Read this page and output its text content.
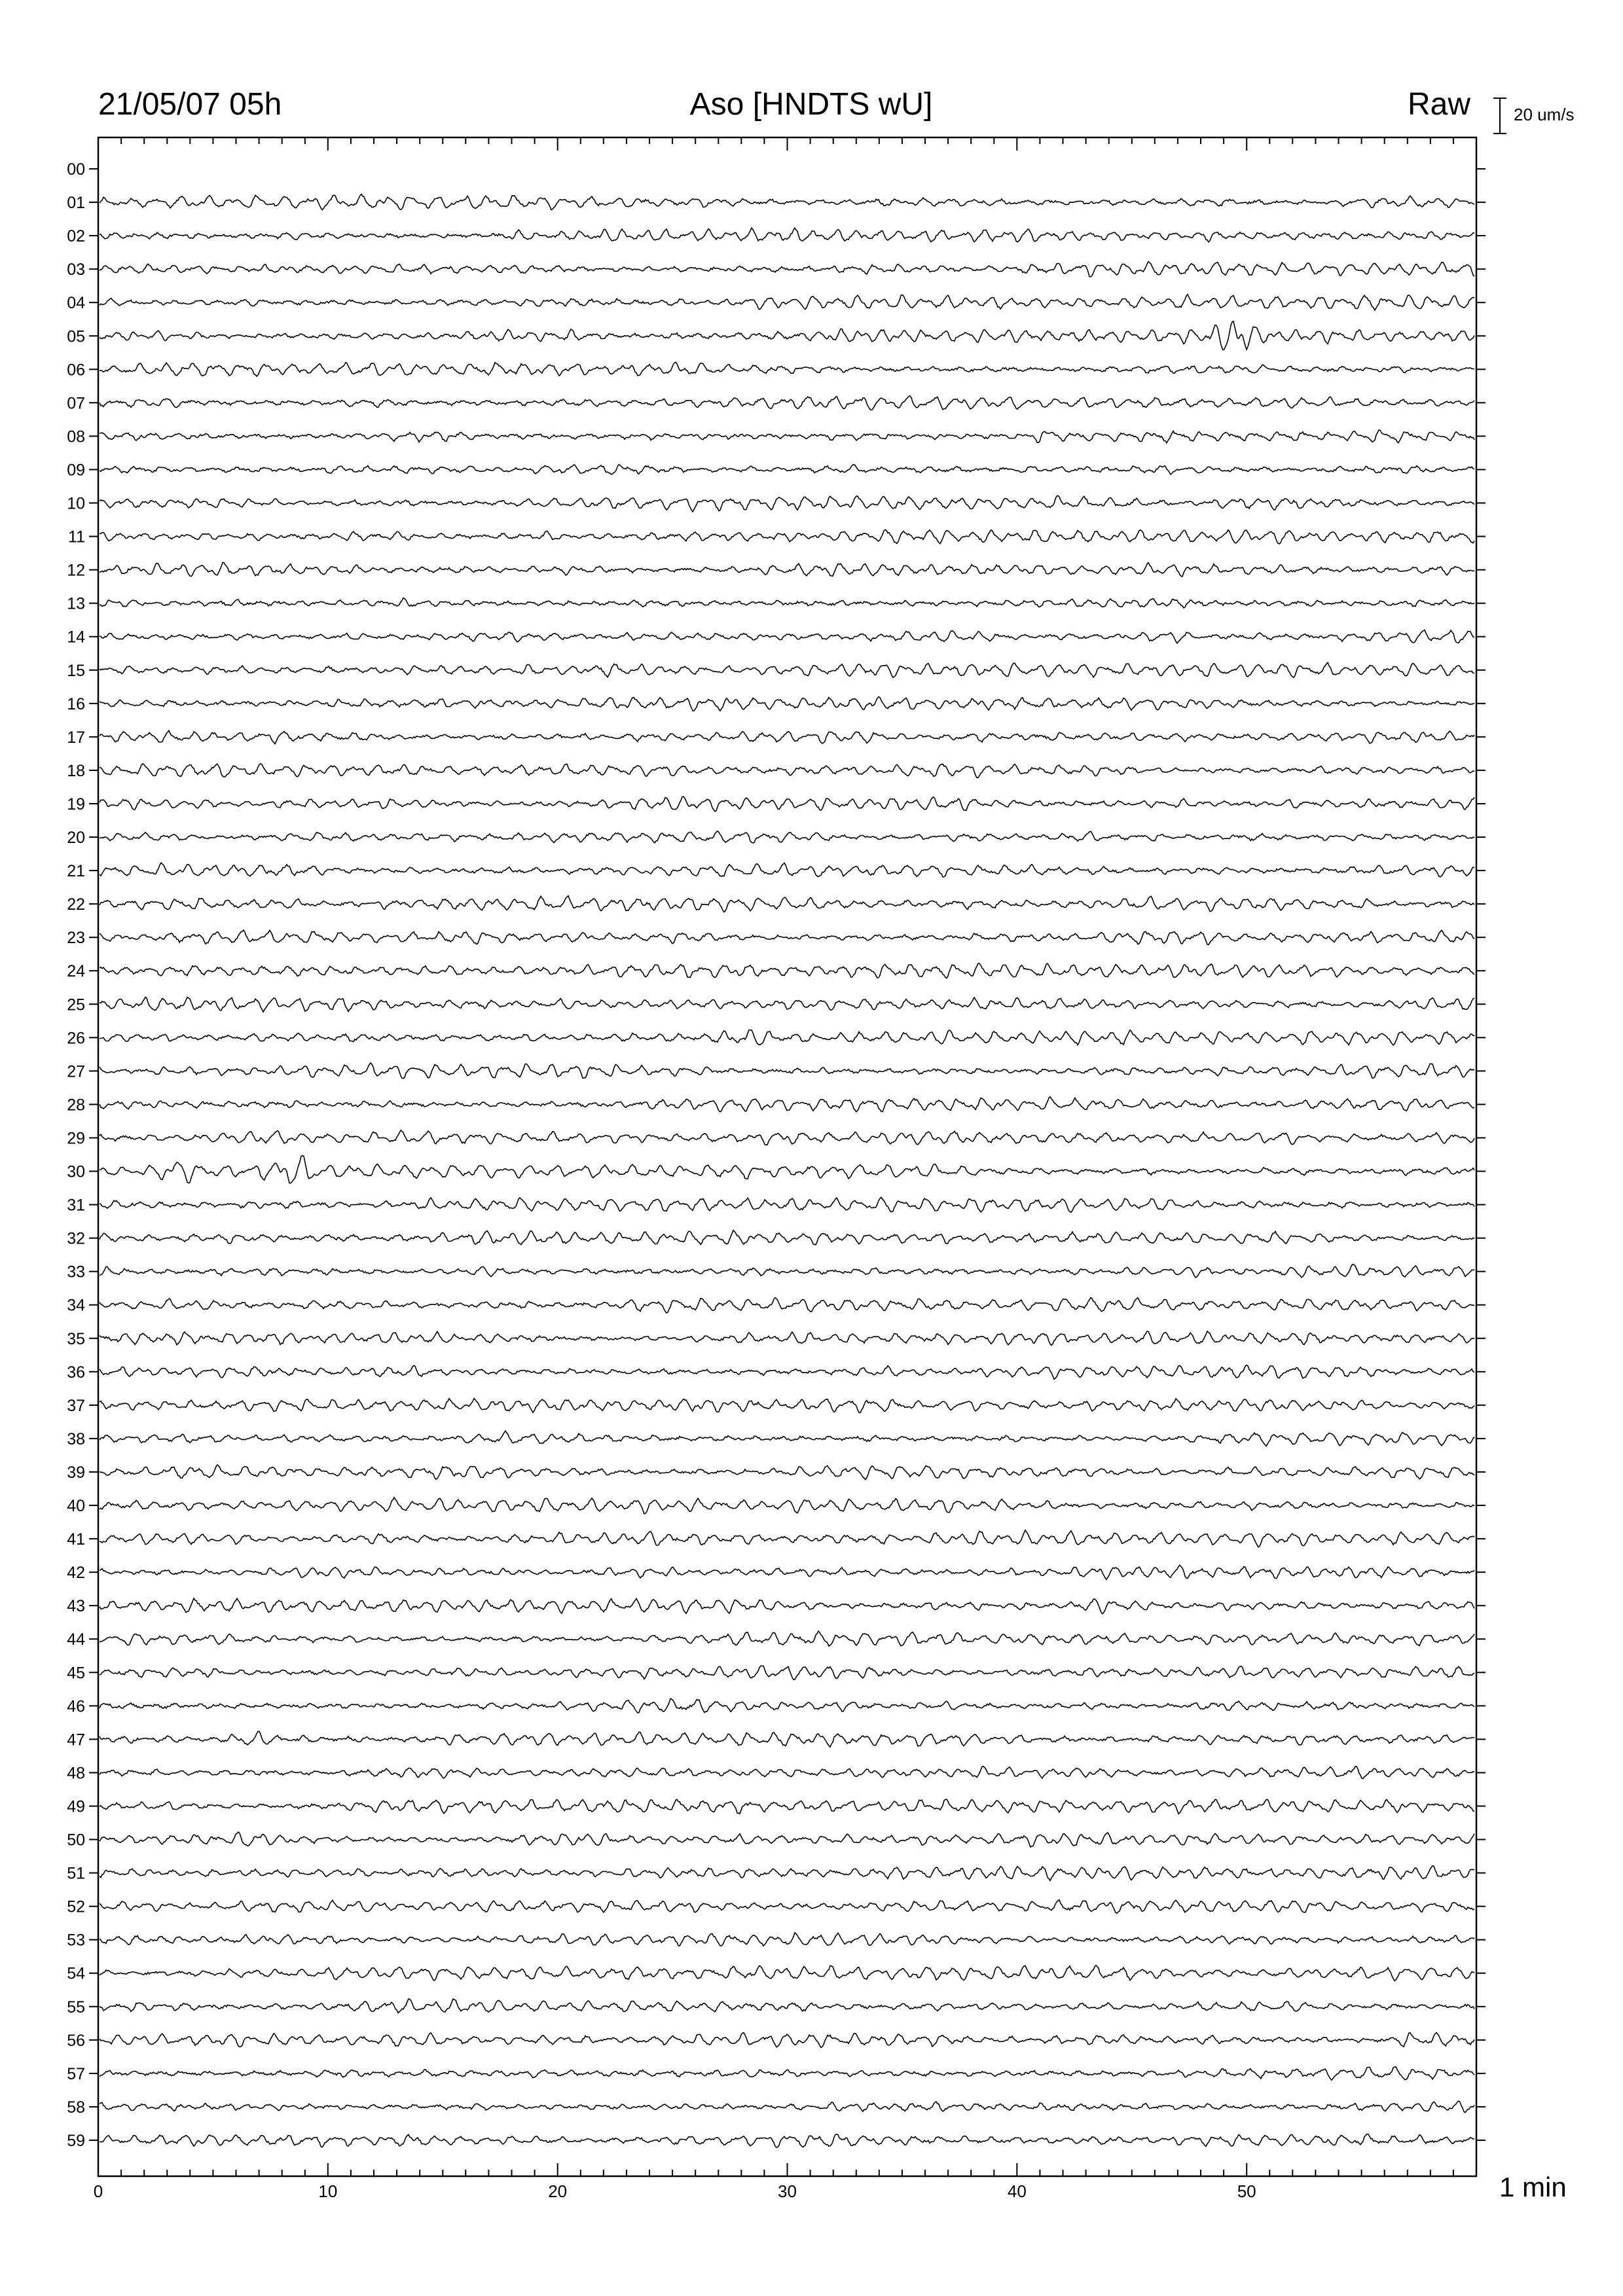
21/05/07 05h	Aso [HNDTS wU]	Raw	20 um/s
0	10	20	30	40	50
00
01
02
03
04
05
06
07
08
09
10
11
12
13
14
15
16
17
18
19
20
21
22
23
24
25
26
27
28
29
30
31
32
33
34
35
36
37
38
39
40
41
42
43
44
45
46
47
48
49
50
51
52
53
54
55
56
57
58
59
1 min
